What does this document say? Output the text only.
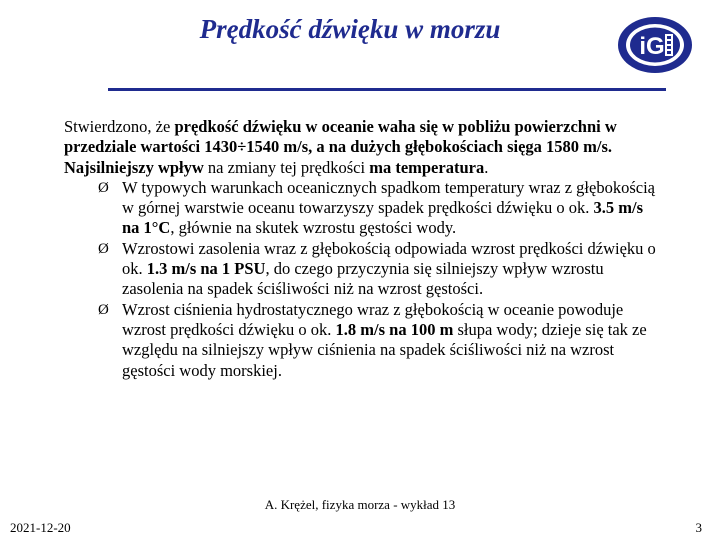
Prędkość dźwięku w morzu
iG

Stwierdzono, że prędkość dźwięku w oceanie waha się w pobliżu powierzchni w przedziale wartości 1430÷1540 m/s, a na dużych głębokościach sięga 1580 m/s. Najsilniejszy wpływ na zmiany tej prędkości ma temperatura.

Ø W typowych warunkach oceanicznych spadkom temperatury wraz z głębokością w górnej warstwie oceanu towarzyszy spadek prędkości dźwięku o ok. 3.5 m/s na 1°C, głównie na skutek wzrostu gęstości wody.
Ø Wzrostowi zasolenia wraz z głębokością odpowiada wzrost prędkości dźwięku o ok. 1.3 m/s na 1 PSU, do czego przyczynia się silniejszy wpływ wzrostu zasolenia na spadek ściśliwości niż na wzrost gęstości.
Ø Wzrost ciśnienia hydrostatycznego wraz z głębokością w oceanie powoduje wzrost prędkości dźwięku o ok. 1.8 m/s na 100 m słupa wody; dzieje się tak ze względu na silniejszy wpływ ciśnienia na spadek ściśliwości niż na wzrost gęstości wody morskiej.
A. Krężel, fizyka morza - wykład 13
2021-12-20	3
